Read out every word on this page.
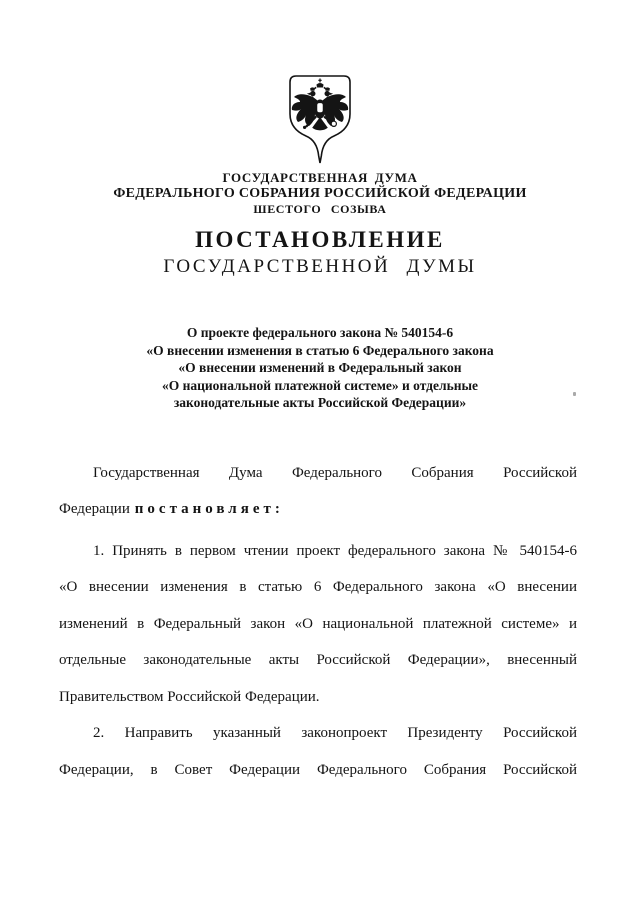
ГОСУДАРСТВЕННАЯ ДУМА
ФЕДЕРАЛЬНОГО СОБРАНИЯ РОССИЙСКОЙ ФЕДЕРАЦИИ
ШЕСТОГО СОЗЫВА
ПОСТАНОВЛЕНИЕ
ГОСУДАРСТВЕННОЙ ДУМЫ
О проекте федерального закона № 540154-6
«О внесении изменения в статью 6 Федерального закона
«О внесении изменений в Федеральный закон
«О национальной платежной системе» и отдельные
законодательные акты Российской Федерации»
Государственная Дума Федерального Собрания Российской
Федерации постановляет:
1. Принять в первом чтении проект федерального закона № 540154-6
«О внесении изменения в статью 6 Федерального закона «О внесении
изменений в Федеральный закон «О национальной платежной системе» и
отдельные законодательные акты Российской Федерации», внесенный
Правительством Российской Федерации.
2. Направить указанный законопроект Президенту Российской
Федерации, в Совет Федерации Федерального Собрания Российской
